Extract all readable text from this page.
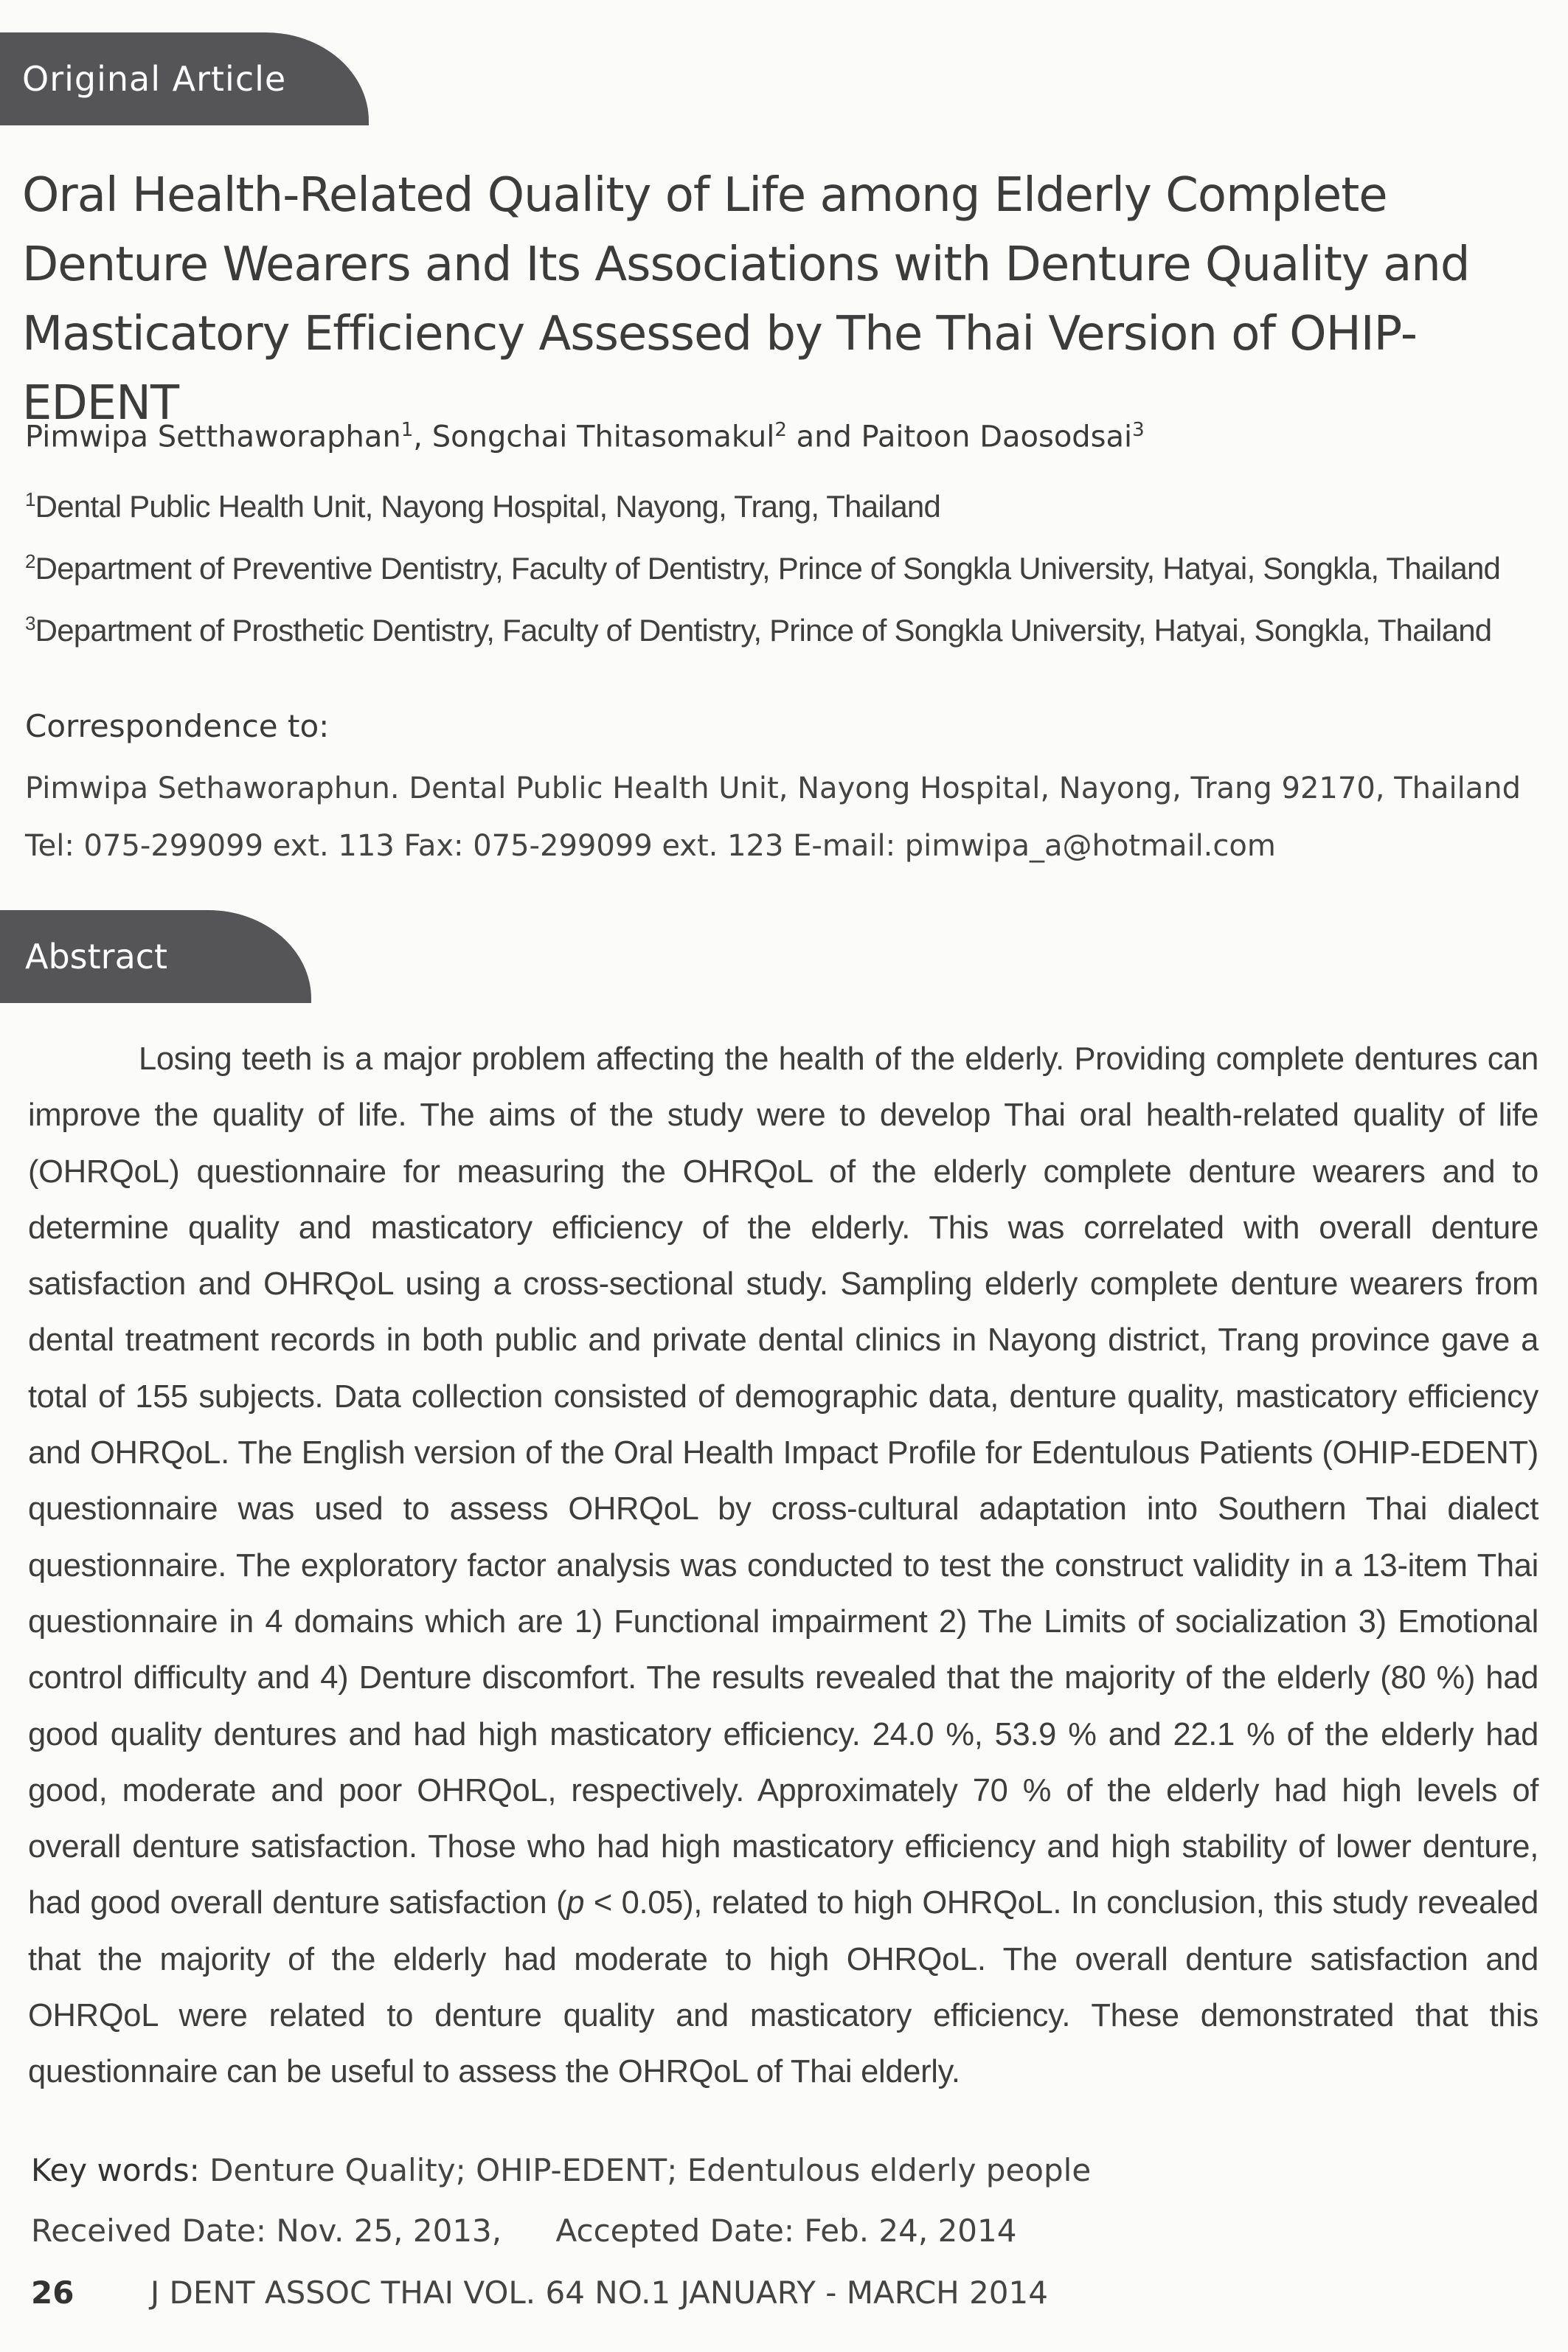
Original Article
Oral Health-Related Quality of Life among Elderly Complete Denture Wearers and Its Associations with Denture Quality and Masticatory Efficiency Assessed by The Thai Version of OHIP-EDENT
Pimwipa Setthaworaphan$^1$, Songchai Thitasomakul$^2$ and Paitoon Daosodsai$^3$
$^1$Dental Public Health Unit, Nayong Hospital, Nayong, Trang, Thailand
$^2$Department of Preventive Dentistry, Faculty of Dentistry, Prince of Songkla University, Hatyai, Songkla, Thailand
$^3$Department of Prosthetic Dentistry, Faculty of Dentistry, Prince of Songkla University, Hatyai, Songkla, Thailand
Correspondence to:
Pimwipa Sethaworaphun. Dental Public Health Unit, Nayong Hospital, Nayong, Trang 92170, Thailand
Tel: 075-299099 ext. 113 Fax: 075-299099 ext. 123 E-mail: pimwipa_a@hotmail.com
Abstract

Losing teeth is a major problem affecting the health of the elderly. Providing complete dentures can improve the quality of life. The aims of the study were to develop Thai oral health-related quality of life (OHRQoL) questionnaire for measuring the OHRQoL of the elderly complete denture wearers and to determine quality and masticatory efficiency of the elderly. This was correlated with overall denture satisfaction and OHRQoL using a cross-sectional study. Sampling elderly complete denture wearers from dental treatment records in both public and private dental clinics in Nayong district, Trang province gave a total of 155 subjects. Data collection consisted of demographic data, denture quality, masticatory efficiency and OHRQoL. The English version of the Oral Health Impact Profile for Edentulous Patients (OHIP-EDENT) questionnaire was used to assess OHRQoL by cross-cultural adaptation into Southern Thai dialect questionnaire. The exploratory factor analysis was conducted to test the construct validity in a 13-item Thai questionnaire in 4 domains which are 1) Functional impairment 2) The Limits of socialization 3) Emotional control difficulty and 4) Denture discomfort. The results revealed that the majority of the elderly (80 %) had good quality dentures and had high masticatory efficiency. 24.0 %, 53.9 % and 22.1 % of the elderly had good, moderate and poor OHRQoL, respectively. Approximately 70 % of the elderly had high levels of overall denture satisfaction. Those who had high masticatory efficiency and high stability of lower denture, had good overall denture satisfaction (p < 0.05), related to high OHRQoL. In conclusion, this study revealed that the majority of the elderly had moderate to high OHRQoL. The overall denture satisfaction and OHRQoL were related to denture quality and masticatory efficiency. These demonstrated that this questionnaire can be useful to assess the OHRQoL of Thai elderly.

Key words: Denture Quality; OHIP-EDENT; Edentulous elderly people
Received Date: Nov. 25, 2013, Accepted Date: Feb. 24, 2014
26 J DENT ASSOC THAI VOL. 64 NO.1 JANUARY - MARCH 2014
